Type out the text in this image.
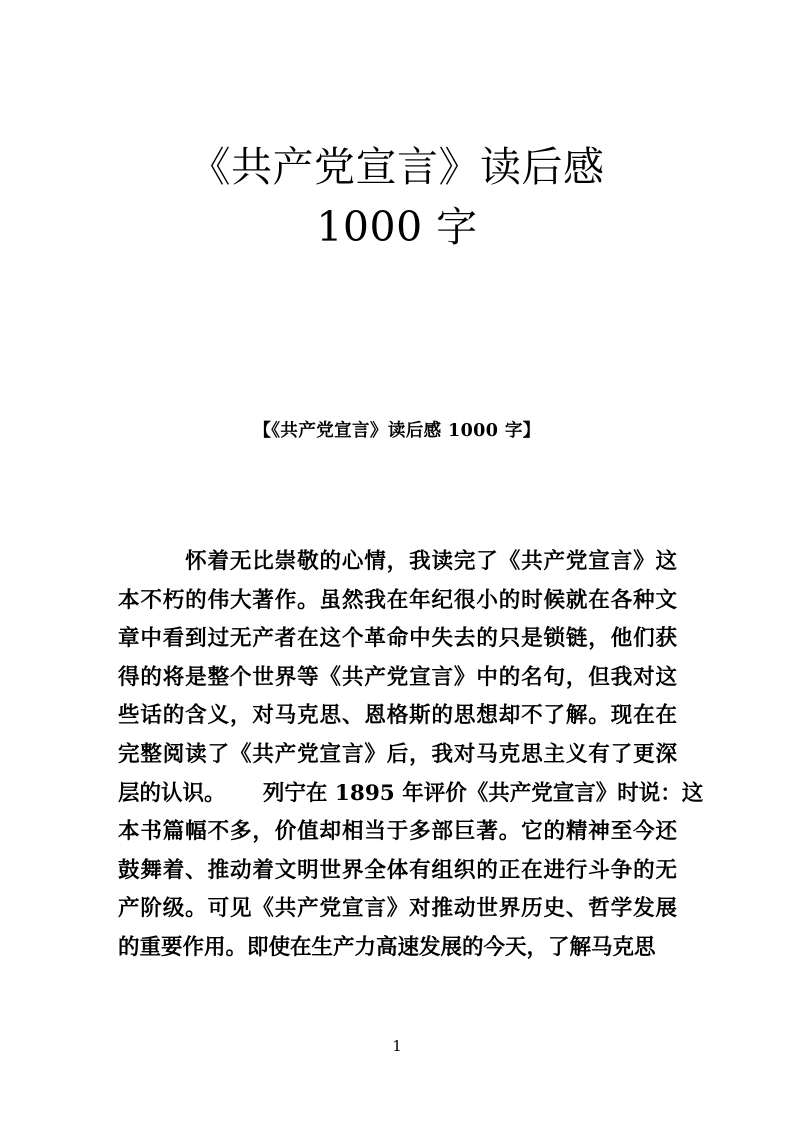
《共产党宣言》读后感
1000 字
【《共产党宣言》读后感 1000 字】
怀着无比崇敬的心情，我读完了《共产党宣言》这
本不朽的伟大著作。虽然我在年纪很小的时候就在各种文
章中看到过无产者在这个革命中失去的只是锁链，他们获
得的将是整个世界等《共产党宣言》中的名句，但我对这
些话的含义，对马克思、恩格斯的思想却不了解。现在在
完整阅读了《共产党宣言》后，我对马克思主义有了更深
层的认识。     列宁在 1895 年评价《共产党宣言》时说：这
本书篇幅不多，价值却相当于多部巨著。它的精神至今还
鼓舞着、推动着文明世界全体有组织的正在进行斗争的无
产阶级。可见《共产党宣言》对推动世界历史、哲学发展
的重要作用。即使在生产力高速发展的今天，了解马克思
1
